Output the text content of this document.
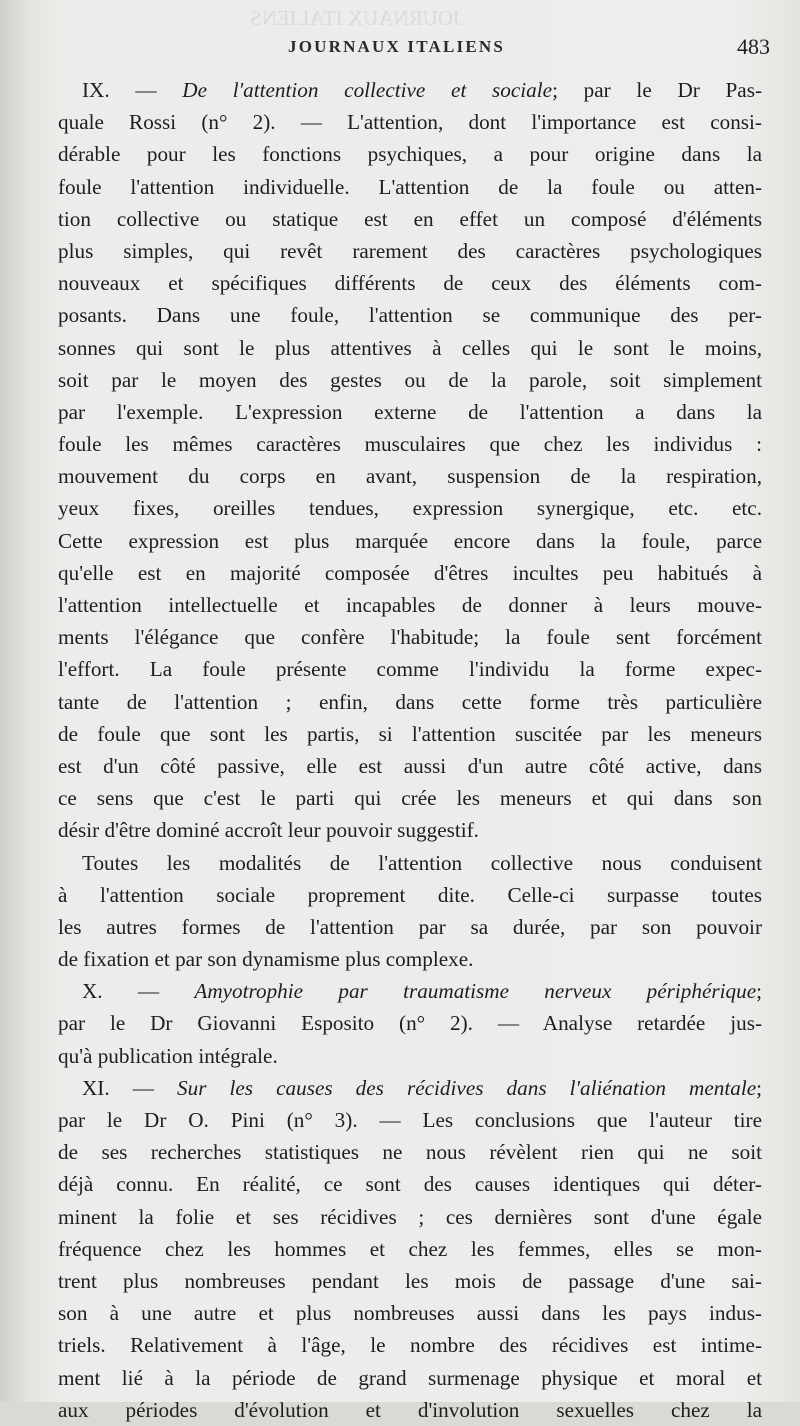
JOURNAUX ITALIENS
JOURNAUX ITALIENS	483
IX. — De l'attention collective et sociale; par le Dr Pas-
quale Rossi (n° 2). — L'attention, dont l'importance est consi-
dérable pour les fonctions psychiques, a pour origine dans la
foule l'attention individuelle. L'attention de la foule ou atten-
tion collective ou statique est en effet un composé d'éléments
plus simples, qui revêt rarement des caractères psychologiques
nouveaux et spécifiques différents de ceux des éléments com-
posants. Dans une foule, l'attention se communique des per-
sonnes qui sont le plus attentives à celles qui le sont le moins,
soit par le moyen des gestes ou de la parole, soit simplement
par l'exemple. L'expression externe de l'attention a dans la
foule les mêmes caractères musculaires que chez les individus :
mouvement du corps en avant, suspension de la respiration,
yeux fixes, oreilles tendues, expression synergique, etc. etc.
Cette expression est plus marquée encore dans la foule, parce
qu'elle est en majorité composée d'êtres incultes peu habitués à
l'attention intellectuelle et incapables de donner à leurs mouve-
ments l'élégance que confère l'habitude; la foule sent forcément
l'effort. La foule présente comme l'individu la forme expec-
tante de l'attention ; enfin, dans cette forme très particulière
de foule que sont les partis, si l'attention suscitée par les meneurs
est d'un côté passive, elle est aussi d'un autre côté active, dans
ce sens que c'est le parti qui crée les meneurs et qui dans son
désir d'être dominé accroît leur pouvoir suggestif.
Toutes les modalités de l'attention collective nous conduisent
à l'attention sociale proprement dite. Celle-ci surpasse toutes
les autres formes de l'attention par sa durée, par son pouvoir
de fixation et par son dynamisme plus complexe.
X. — Amyotrophie par traumatisme nerveux périphérique;
par le Dr Giovanni Esposito (n° 2). — Analyse retardée jus-
qu'à publication intégrale.
XI. — Sur les causes des récidives dans l'aliénation mentale;
par le Dr O. Pini (n° 3). — Les conclusions que l'auteur tire
de ses recherches statistiques ne nous révèlent rien qui ne soit
déjà connu. En réalité, ce sont des causes identiques qui déter-
minent la folie et ses récidives ; ces dernières sont d'une égale
fréquence chez les hommes et chez les femmes, elles se mon-
trent plus nombreuses pendant les mois de passage d'une sai-
son à une autre et plus nombreuses aussi dans les pays indus-
triels. Relativement à l'âge, le nombre des récidives est intime-
ment lié à la période de grand surmenage physique et moral et
aux périodes d'évolution et d'involution sexuelles chez la
